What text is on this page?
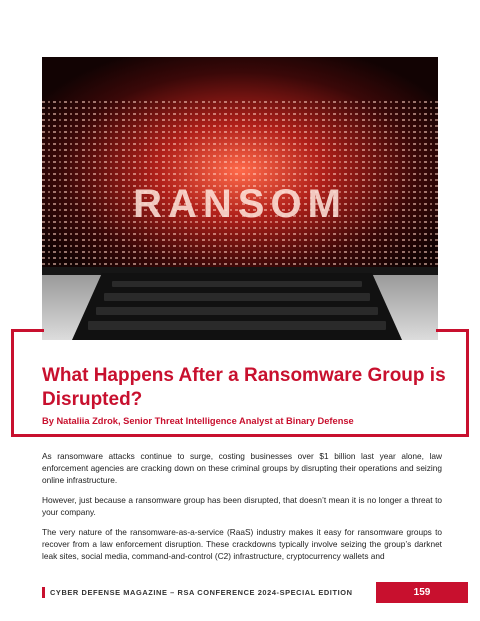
RANSOM
What Happens After a Ransomware Group is Disrupted?
By Nataliia Zdrok, Senior Threat Intelligence Analyst at Binary Defense

As ransomware attacks continue to surge, costing businesses over $1 billion last year alone, law enforcement agencies are cracking down on these criminal groups by disrupting their operations and seizing online infrastructure.

However, just because a ransomware group has been disrupted, that doesn’t mean it is no longer a threat to your company.

The very nature of the ransomware-as-a-service (RaaS) industry makes it easy for ransomware groups to recover from a law enforcement disruption. These crackdowns typically involve seizing the group’s darknet leak sites, social media, command-and-control (C2) infrastructure, cryptocurrency wallets and

CYBER DEFENSE MAGAZINE – RSA CONFERENCE 2024-SPECIAL EDITION	159
